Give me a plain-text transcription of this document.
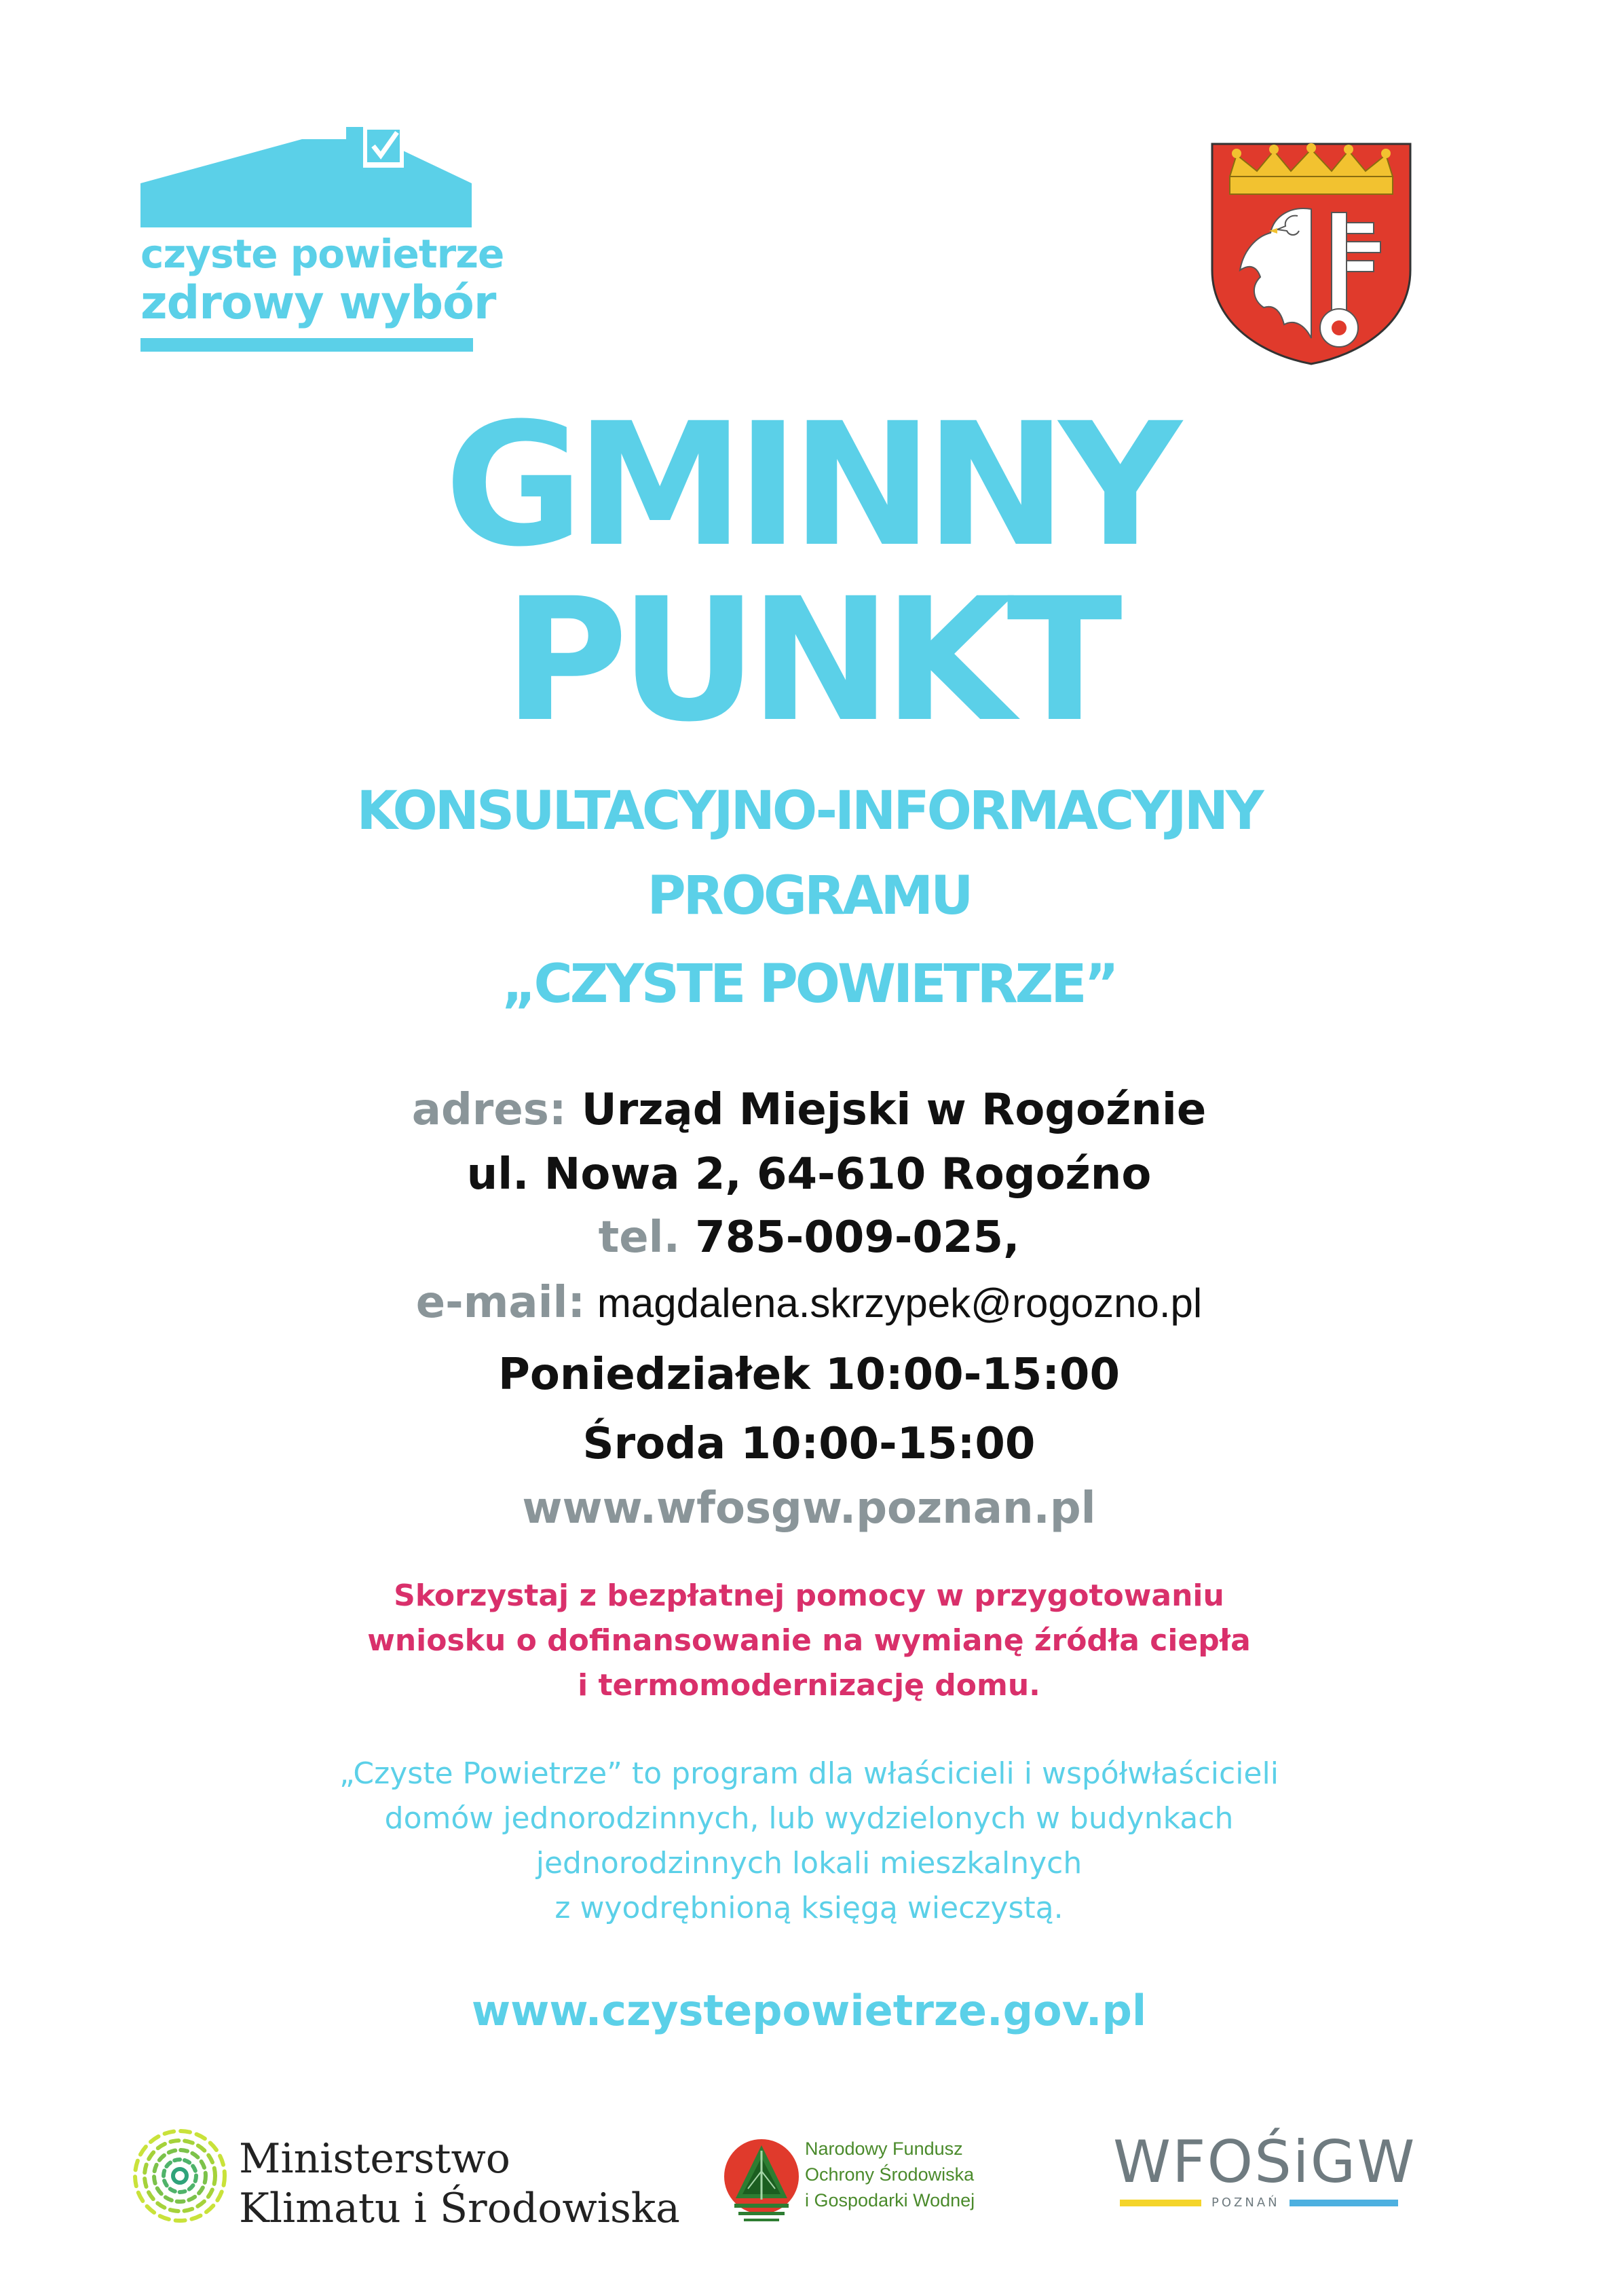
czyste powietrze
zdrowy wybór
GMINNY
PUNKT
KONSULTACYJNO-INFORMACYJNY
PROGRAMU
„CZYSTE POWIETRZE”
adres: Urząd Miejski w Rogoźnie
ul. Nowa 2, 64-610 Rogoźno
tel. 785-009-025,
e-mail: magdalena.skrzypek@rogozno.pl
Poniedziałek 10:00-15:00
Środa 10:00-15:00
www.wfosgw.poznan.pl
Skorzystaj z bezpłatnej pomocy w przygotowaniu
wniosku o dofinansowanie na wymianę źródła ciepła
i termomodernizację domu.
„Czyste Powietrze” to program dla właścicieli i współwłaścicieli
domów jednorodzinnych, lub wydzielonych w budynkach
jednorodzinnych lokali mieszkalnych
z wyodrębnioną księgą wieczystą.
www.czystepowietrze.gov.pl
Ministerstwo
Klimatu i Środowiska
Narodowy Fundusz
Ochrony Środowiska
i Gospodarki Wodnej
WFOŚiGW
POZNAŃ
